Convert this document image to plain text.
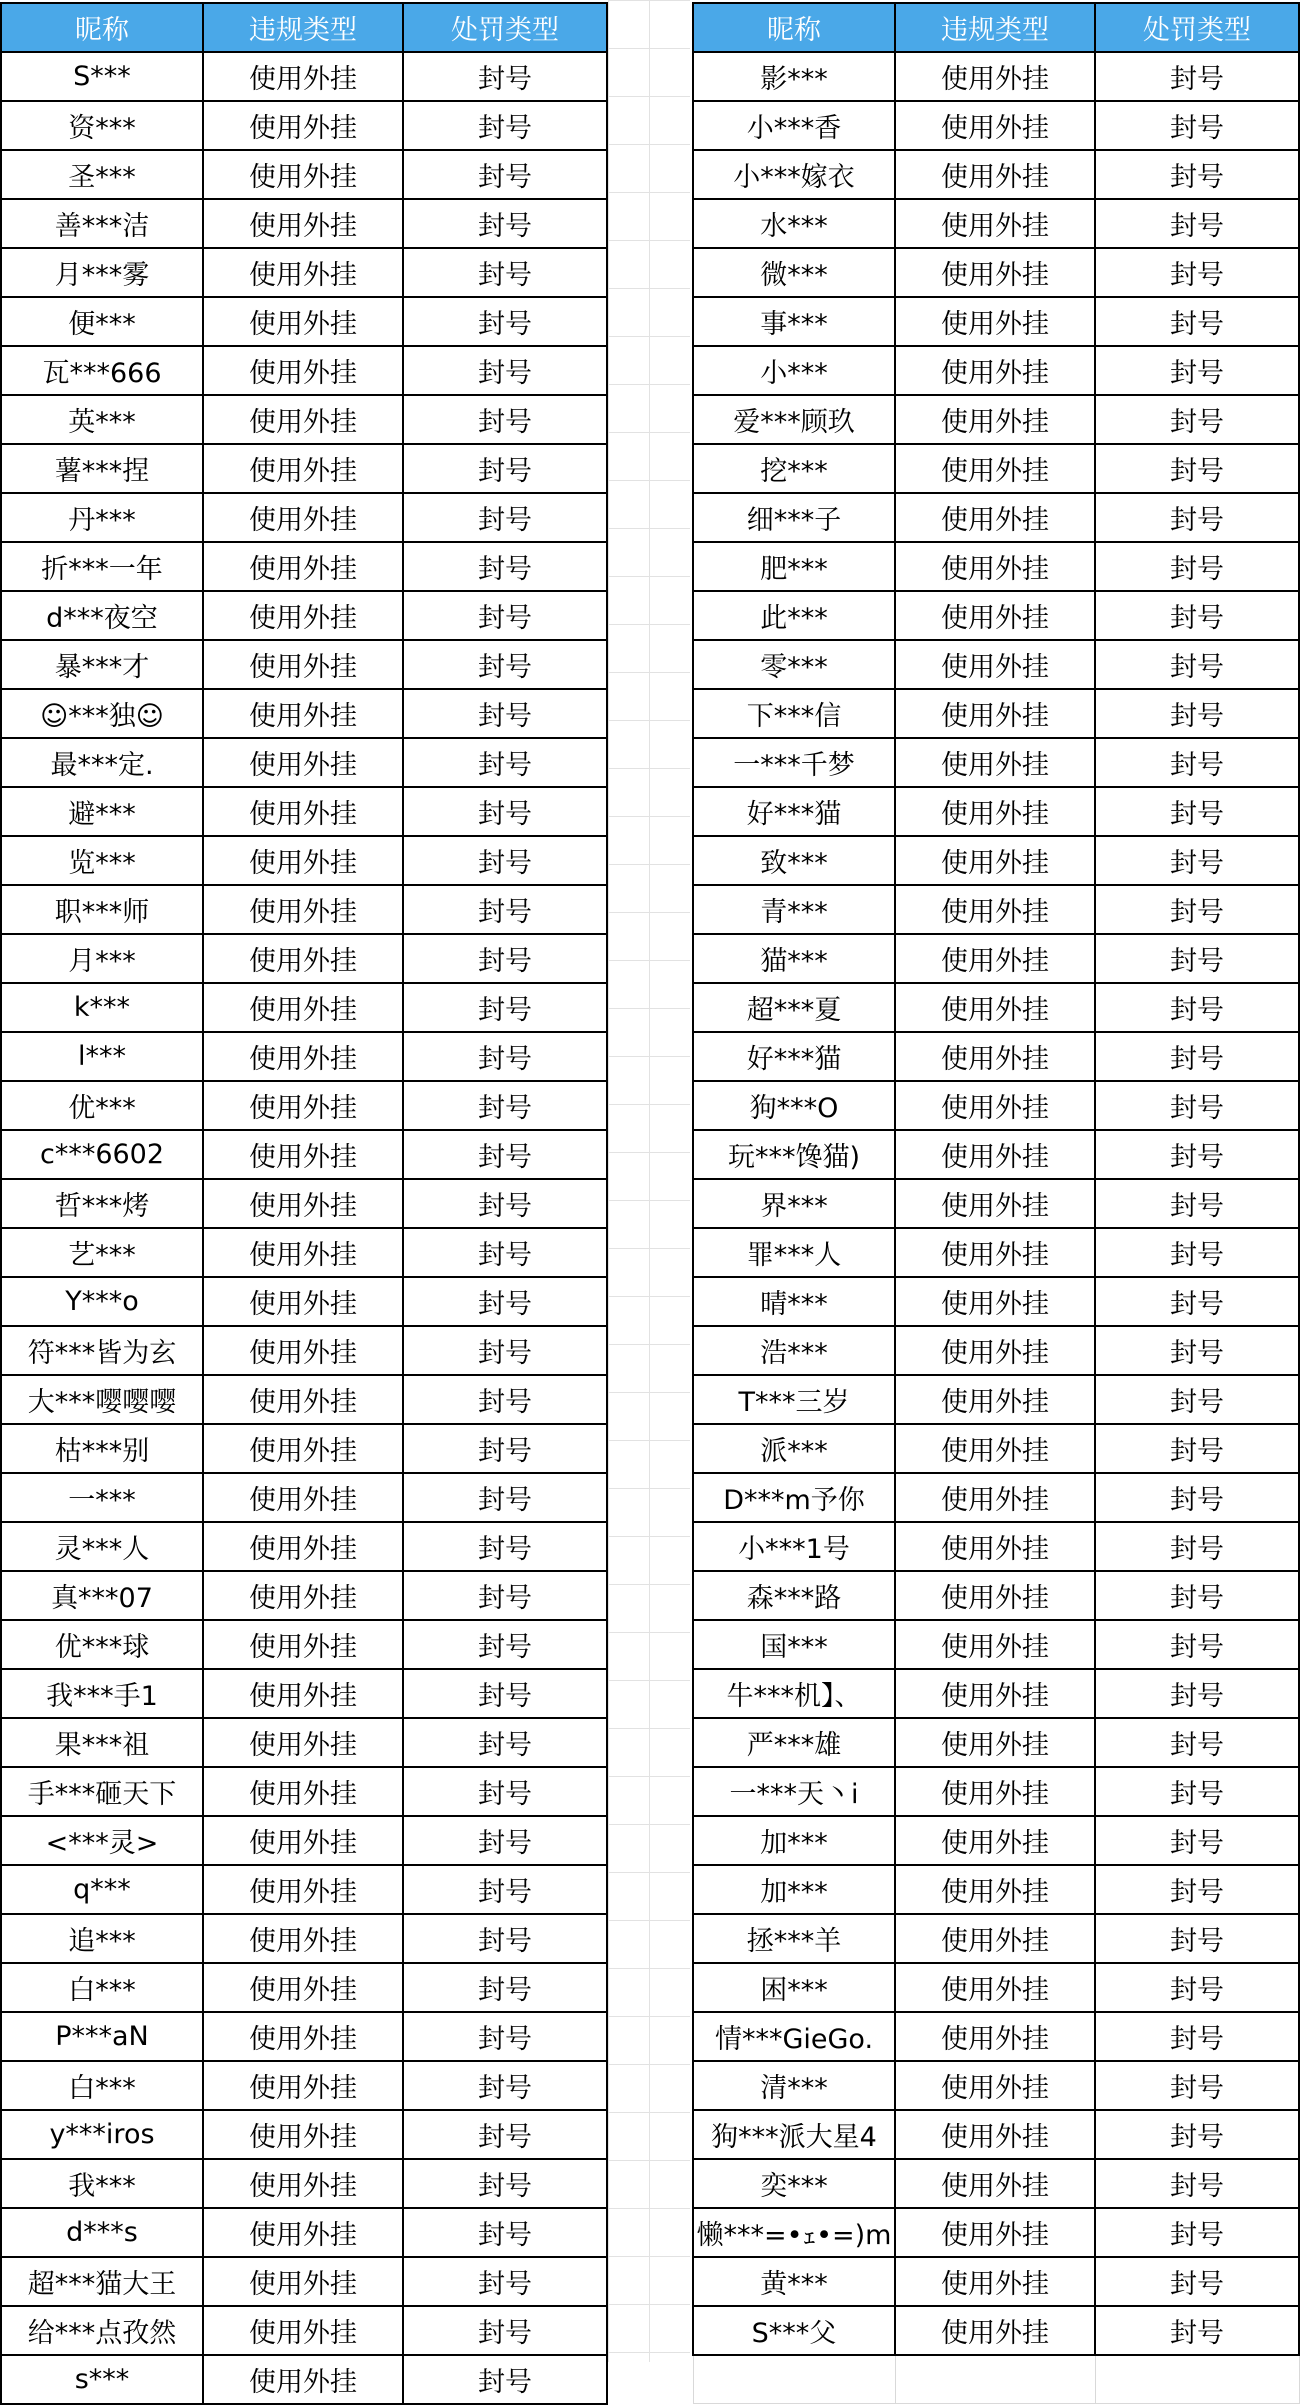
昵称	违规类型	处罚类型
S***	使用外挂	封号
资***	使用外挂	封号
圣***	使用外挂	封号
善***洁	使用外挂	封号
月***雾	使用外挂	封号
便***	使用外挂	封号
瓦***666	使用外挂	封号
英***	使用外挂	封号
薯***捏	使用外挂	封号
丹***	使用外挂	封号
折***一年	使用外挂	封号
d***夜空	使用外挂	封号
暴***才	使用外挂	封号
☺***独☺	使用外挂	封号
最***定.	使用外挂	封号
避***	使用外挂	封号
览***	使用外挂	封号
职***师	使用外挂	封号
月***	使用外挂	封号
k***	使用外挂	封号
l***	使用外挂	封号
优***	使用外挂	封号
c***6602	使用外挂	封号
哲***烤	使用外挂	封号
艺***	使用外挂	封号
Y***o	使用外挂	封号
符***皆为玄	使用外挂	封号
大***嘤嘤嘤	使用外挂	封号
枯***别	使用外挂	封号
一***	使用外挂	封号
灵***人	使用外挂	封号
真***07	使用外挂	封号
优***球	使用外挂	封号
我***手1	使用外挂	封号
果***祖	使用外挂	封号
手***砸天下	使用外挂	封号
<***灵>	使用外挂	封号
q***	使用外挂	封号
追***	使用外挂	封号
白***	使用外挂	封号
P***aN	使用外挂	封号
白***	使用外挂	封号
y***iros	使用外挂	封号
我***	使用外挂	封号
d***s	使用外挂	封号
超***猫大王	使用外挂	封号
给***点孜然	使用外挂	封号
s***	使用外挂	封号
昵称	违规类型	处罚类型
影***	使用外挂	封号
小***香	使用外挂	封号
小***嫁衣	使用外挂	封号
水***	使用外挂	封号
微***	使用外挂	封号
事***	使用外挂	封号
小***	使用外挂	封号
爱***顾玖	使用外挂	封号
挖***	使用外挂	封号
细***子	使用外挂	封号
肥***	使用外挂	封号
此***	使用外挂	封号
零***	使用外挂	封号
下***信	使用外挂	封号
一***千梦	使用外挂	封号
好***猫	使用外挂	封号
致***	使用外挂	封号
青***	使用外挂	封号
猫***	使用外挂	封号
超***夏	使用外挂	封号
好***猫	使用外挂	封号
狗***O	使用外挂	封号
玩***馋猫)	使用外挂	封号
界***	使用外挂	封号
罪***人	使用外挂	封号
晴***	使用外挂	封号
浩***	使用外挂	封号
T***三岁	使用外挂	封号
派***	使用外挂	封号
D***m予你	使用外挂	封号
小***1号	使用外挂	封号
森***路	使用外挂	封号
国***	使用外挂	封号
牛***机】、	使用外挂	封号
严***雄	使用外挂	封号
一***天丶i	使用外挂	封号
加***	使用外挂	封号
加***	使用外挂	封号
拯***羊	使用外挂	封号
困***	使用外挂	封号
情***GieGo.	使用外挂	封号
清***	使用外挂	封号
狗***派大星4	使用外挂	封号
奕***	使用外挂	封号
懒***=•ｪ•=)m	使用外挂	封号
黄***	使用外挂	封号
S***父	使用外挂	封号
